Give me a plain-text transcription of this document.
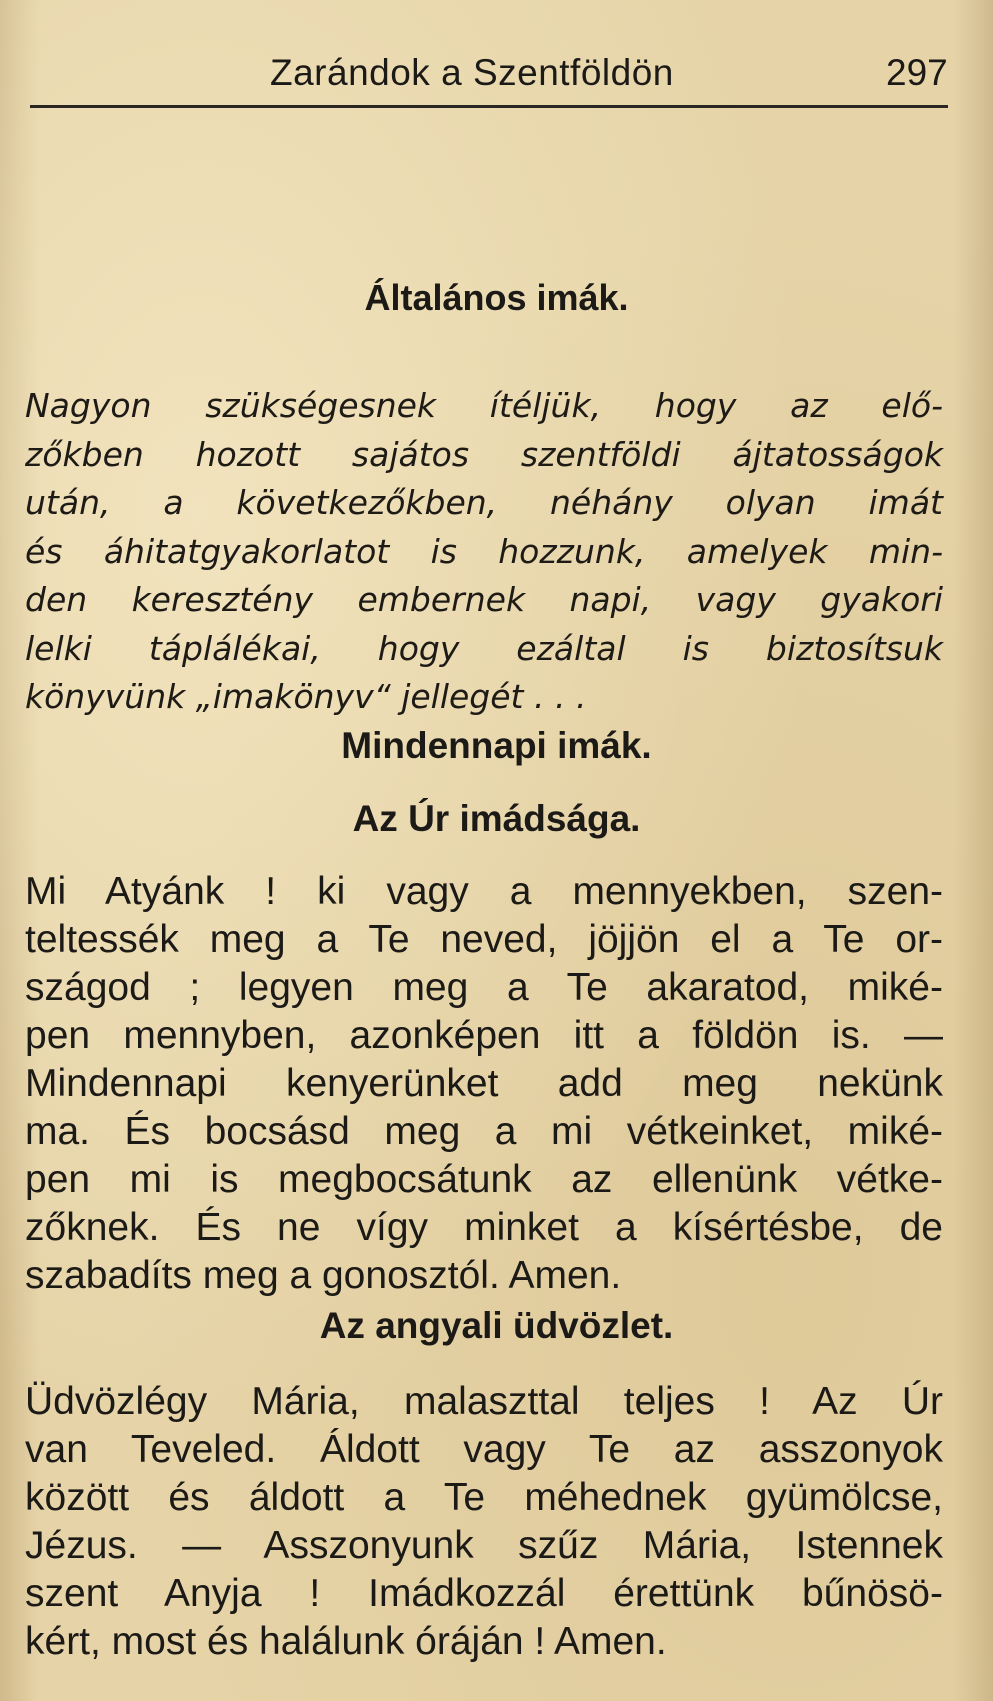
Zarándok a Szentföldön	297
Általános imák.
Nagyon szükségesnek ítéljük, hogy az elő-
zőkben hozott sajátos szentföldi ájtatosságok
után, a következőkben, néhány olyan imát
és áhitatgyakorlatot is hozzunk, amelyek min-
den keresztény embernek napi, vagy gyakori
lelki táplálékai, hogy ezáltal is biztosítsuk
könyvünk „imakönyv“ jellegét . . .
Mindennapi imák.
Az Úr imádsága.
Mi Atyánk ! ki vagy a mennyekben, szen-
teltessék meg a Te neved, jöjjön el a Te or-
szágod ; legyen meg a Te akaratod, miké-
pen mennyben, azonképen itt a földön is. —
Mindennapi kenyerünket add meg nekünk
ma. És bocsásd meg a mi vétkeinket, miké-
pen mi is megbocsátunk az ellenünk vétke-
zőknek. És ne vígy minket a kísértésbe, de
szabadíts meg a gonosztól. Amen.
Az angyali üdvözlet.
Üdvözlégy Mária, malaszttal teljes ! Az Úr
van Teveled. Áldott vagy Te az asszonyok
között és áldott a Te méhednek gyümölcse,
Jézus. — Asszonyunk szűz Mária, Istennek
szent Anyja ! Imádkozzál érettünk bűnösö-
kért, most és halálunk óráján ! Amen.
